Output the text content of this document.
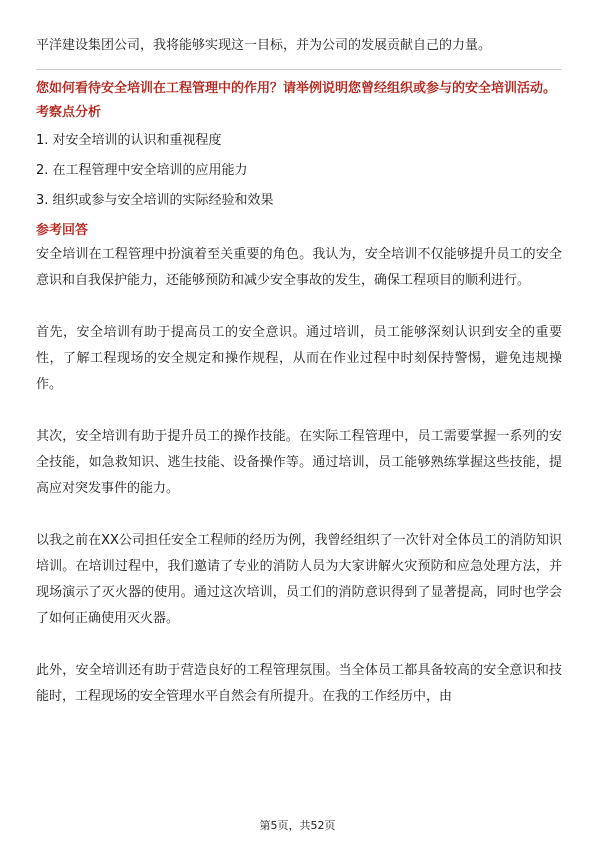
平洋建设集团公司，我将能够实现这一目标，并为公司的发展贡献自己的力量。

您如何看待安全培训在工程管理中的作用？请举例说明您曾经组织或参与的安全培训活动。

考察点分析

1. 对安全培训的认识和重视程度
2. 在工程管理中安全培训的应用能力
3. 组织或参与安全培训的实际经验和效果

参考回答

安全培训在工程管理中扮演着至关重要的角色。我认为，安全培训不仅能够提升员工的安全意识和自我保护能力，还能够预防和减少安全事故的发生，确保工程项目的顺利进行。

首先，安全培训有助于提高员工的安全意识。通过培训，员工能够深刻认识到安全的重要性，了解工程现场的安全规定和操作规程，从而在作业过程中时刻保持警惕，避免违规操作。

其次，安全培训有助于提升员工的操作技能。在实际工程管理中，员工需要掌握一系列的安全技能，如急救知识、逃生技能、设备操作等。通过培训，员工能够熟练掌握这些技能，提高应对突发事件的能力。

以我之前在XX公司担任安全工程师的经历为例，我曾经组织了一次针对全体员工的消防知识培训。在培训过程中，我们邀请了专业的消防人员为大家讲解火灾预防和应急处理方法，并现场演示了灭火器的使用。通过这次培训，员工们的消防意识得到了显著提高，同时也学会了如何正确使用灭火器。

此外，安全培训还有助于营造良好的工程管理氛围。当全体员工都具备较高的安全意识和技能时，工程现场的安全管理水平自然会有所提升。在我的工作经历中，由

第5页，共52页
